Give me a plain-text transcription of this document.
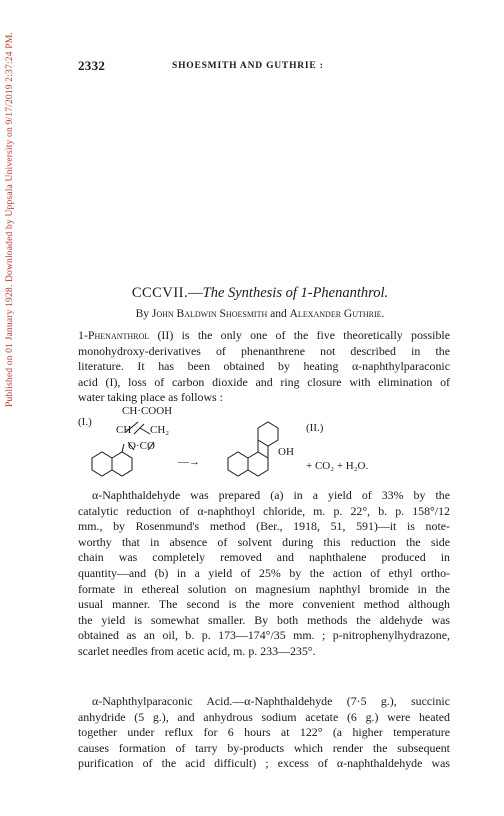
2332	SHOESMITH AND GUTHRIE :
Published on 01 January 1928. Downloaded by Uppsala University on 9/17/2019 2:37:24 PM.	CCCVII.—The Synthesis of 1-Phenanthrol.
By John Baldwin Shoesmith and Alexander Guthrie.
1-Phenanthrol (II) is the only one of the five theoretically possible
monohydroxy-derivatives of phenanthrene not described in the
literature. It has been obtained by heating α-naphthylparaconic
acid (I), loss of carbon dioxide and ring closure with elimination of
water taking place as follows :
(I.)
CH·COOH
CH CH₂
O·CO
—→
OH
(II.)
+ CO₂ + H₂O.
α-Naphthaldehyde was prepared (a) in a yield of 33% by the
catalytic reduction of α-naphthoyl chloride, m. p. 22°, b. p. 158°/12
mm., by Rosenmund's method (Ber., 1918, 51, 591)—it is note-
worthy that in absence of solvent during this reduction the side
chain was completely removed and naphthalene produced in
quantity—and (b) in a yield of 25% by the action of ethyl ortho-
formate in ethereal solution on magnesium naphthyl bromide in the
usual manner. The second is the more convenient method although
the yield is somewhat smaller. By both methods the aldehyde was
obtained as an oil, b. p. 173—174°/35 mm. ; p-nitrophenylhydrazone,
scarlet needles from acetic acid, m. p. 233—235°.
α-Naphthylparaconic Acid.—α-Naphthaldehyde (7·5 g.), succinic
anhydride (5 g.), and anhydrous sodium acetate (6 g.) were heated
together under reflux for 6 hours at 122° (a higher temperature
causes formation of tarry by-products which render the subsequent
purification of the acid difficult) ; excess of α-naphthaldehyde was
